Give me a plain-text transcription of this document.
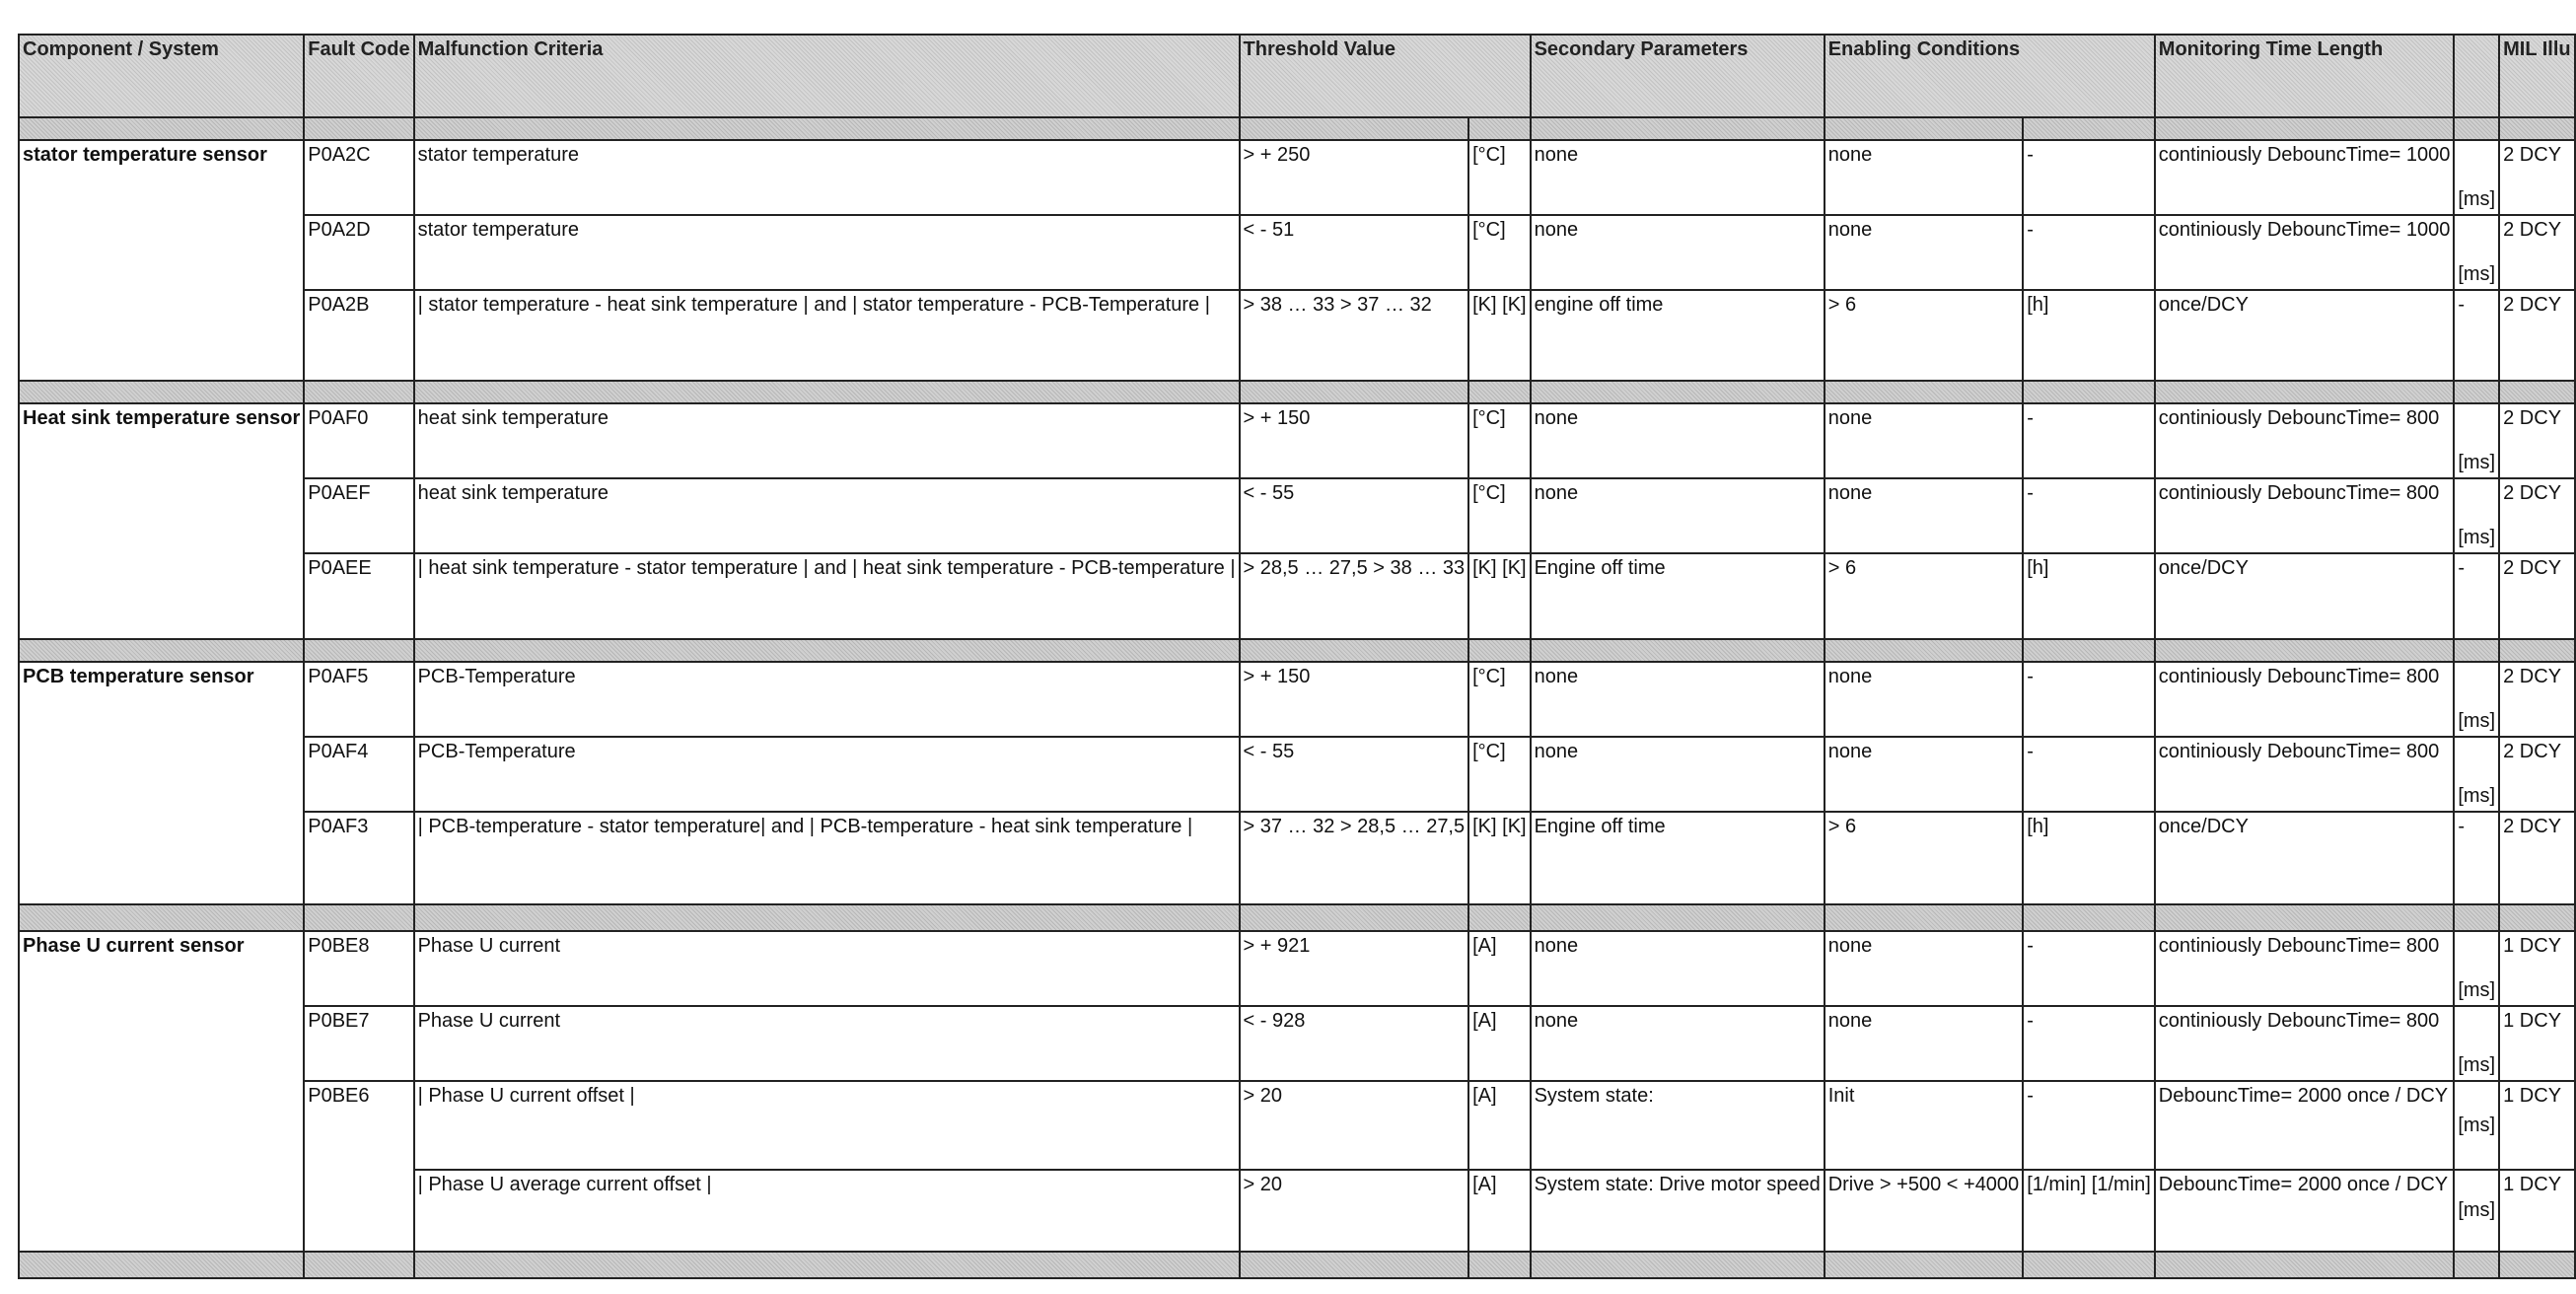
Component / System	Fault Code	Malfunction Criteria	Threshold Value		Secondary Parameters	Enabling Conditions		Monitoring Time Length		MIL Illu

stator temperature sensor	P0A2C	stator temperature	> + 250	[°C]	none	none	-	continiously DebouncTime= 1000	[ms]	2 DCY
	P0A2D	stator temperature	< - 51	[°C]	none	none	-	continiously DebouncTime= 1000	[ms]	2 DCY
	P0A2B	| stator temperature - heat sink temperature | and | stator temperature - PCB-Temperature |	> 38 … 33 > 37 … 32	[K] [K]	engine off time	> 6	[h]	once/DCY	-	2 DCY

Heat sink temperature sensor	P0AF0	heat sink temperature	> + 150	[°C]	none	none	-	continiously DebouncTime= 800	[ms]	2 DCY
	P0AEF	heat sink temperature	< - 55	[°C]	none	none	-	continiously DebouncTime= 800	[ms]	2 DCY
	P0AEE	| heat sink temperature - stator temperature | and | heat sink temperature - PCB-temperature |	> 28,5 … 27,5 > 38 … 33	[K] [K]	Engine off time	> 6	[h]	once/DCY	-	2 DCY

PCB temperature sensor	P0AF5	PCB-Temperature	> + 150	[°C]	none	none	-	continiously DebouncTime= 800	[ms]	2 DCY
	P0AF4	PCB-Temperature	< - 55	[°C]	none	none	-	continiously DebouncTime= 800	[ms]	2 DCY
	P0AF3	| PCB-temperature - stator temperature| and | PCB-temperature - heat sink temperature |	> 37 … 32 > 28,5 … 27,5	[K] [K]	Engine off time	> 6	[h]	once/DCY	-	2 DCY

Phase U current sensor	P0BE8	Phase U current	> + 921	[A]	none	none	-	continiously DebouncTime= 800	[ms]	1 DCY
	P0BE7	Phase U current	< - 928	[A]	none	none	-	continiously DebouncTime= 800	[ms]	1 DCY
	P0BE6	| Phase U current offset |	> 20	[A]	System state:	Init	-	DebouncTime= 2000 once / DCY	[ms]	1 DCY
		| Phase U average current offset |	> 20	[A]	System state: Drive motor speed	Drive > +500 < +4000	[1/min] [1/min]	DebouncTime= 2000 once / DCY	[ms]	1 DCY
